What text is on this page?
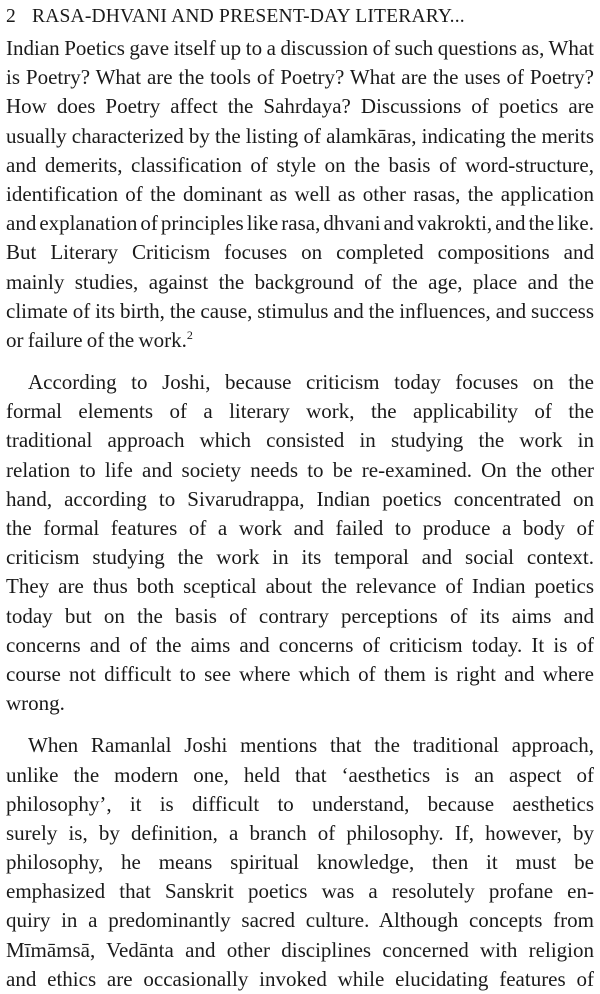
2 RASA-DHVANI AND PRESENT-DAY LITERARY...
Indian Poetics gave itself up to a discussion of such questions as, What
is Poetry? What are the tools of Poetry? What are the uses of Poetry?
How does Poetry affect the Sahrdaya? Discussions of poetics are
usually characterized by the listing of alamkāras, indicating the merits
and demerits, classification of style on the basis of word-structure,
identification of the dominant as well as other rasas, the application
and explanation of principles like rasa, dhvani and vakrokti, and the like.
But Literary Criticism focuses on completed compositions and
mainly studies, against the background of the age, place and the
climate of its birth, the cause, stimulus and the influences, and success
or failure of the work.$^2$
According to Joshi, because criticism today focuses on the
formal elements of a literary work, the applicability of the
traditional approach which consisted in studying the work in
relation to life and society needs to be re-examined. On the other
hand, according to Sivarudrappa, Indian poetics concentrated on
the formal features of a work and failed to produce a body of
criticism studying the work in its temporal and social context.
They are thus both sceptical about the relevance of Indian poetics
today but on the basis of contrary perceptions of its aims and
concerns and of the aims and concerns of criticism today. It is of
course not difficult to see where which of them is right and where
wrong.
When Ramanlal Joshi mentions that the traditional approach,
unlike the modern one, held that ‘aesthetics is an aspect of
philosophy’, it is difficult to understand, because aesthetics
surely is, by definition, a branch of philosophy. If, however, by
philosophy, he means spiritual knowledge, then it must be
emphasized that Sanskrit poetics was a resolutely profane en-
quiry in a predominantly sacred culture. Although concepts from
Mīmāmsā, Vedānta and other disciplines concerned with religion
and ethics are occasionally invoked while elucidating features of
